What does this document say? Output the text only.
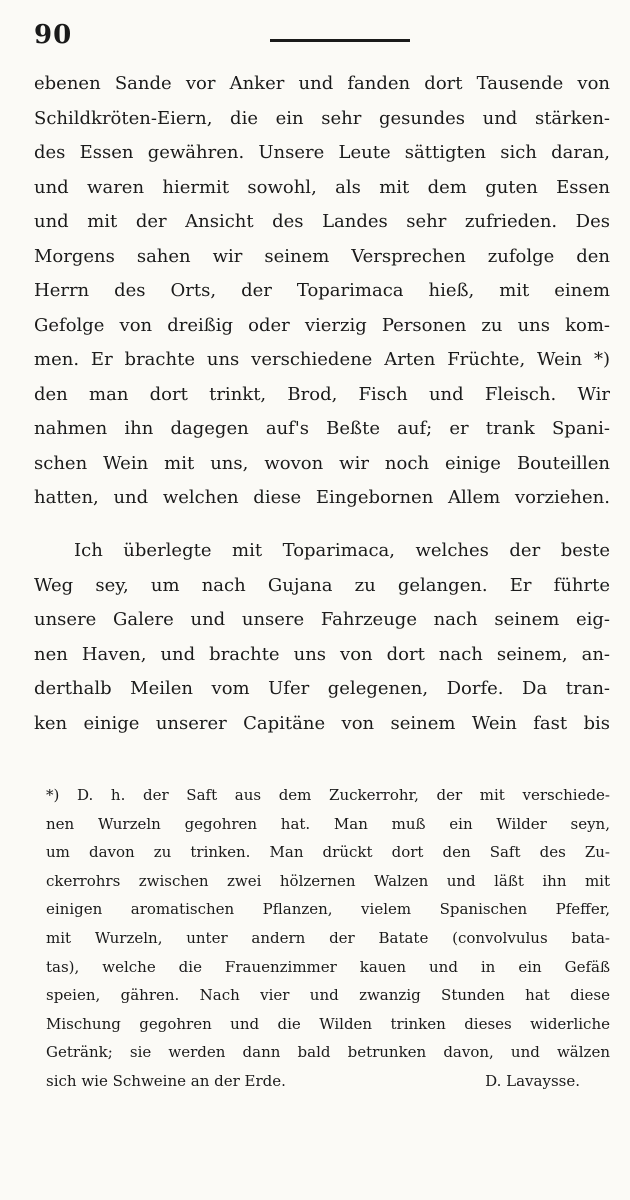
90
ebenen Sande vor Anker und fanden dort Tausende von
Schildkröten-Eiern, die ein sehr gesundes und stärken-
des Essen gewähren. Unsere Leute sättigten sich daran,
und waren hiermit sowohl, als mit dem guten Essen
und mit der Ansicht des Landes sehr zufrieden. Des
Morgens sahen wir seinem Versprechen zufolge den
Herrn des Orts, der Toparimaca hieß, mit einem
Gefolge von dreißig oder vierzig Personen zu uns kom-
men. Er brachte uns verschiedene Arten Früchte, Wein *)
den man dort trinkt, Brod, Fisch und Fleisch. Wir
nahmen ihn dagegen auf's Beßte auf; er trank Spani-
schen Wein mit uns, wovon wir noch einige Bouteillen
hatten, und welchen diese Eingebornen Allem vorziehen.
Ich überlegte mit Toparimaca, welches der beste
Weg sey, um nach Gujana zu gelangen. Er führte
unsere Galere und unsere Fahrzeuge nach seinem eig-
nen Haven, und brachte uns von dort nach seinem, an-
derthalb Meilen vom Ufer gelegenen, Dorfe. Da tran-
ken einige unserer Capitäne von seinem Wein fast bis
*) D. h. der Saft aus dem Zuckerrohr, der mit verschiede-
nen Wurzeln gegohren hat. Man muß ein Wilder seyn,
um davon zu trinken. Man drückt dort den Saft des Zu-
ckerrohrs zwischen zwei hölzernen Walzen und läßt ihn mit
einigen aromatischen Pflanzen, vielem Spanischen Pfeffer,
mit Wurzeln, unter andern der Batate (convolvulus bata-
tas), welche die Frauenzimmer kauen und in ein Gefäß
speien, gähren. Nach vier und zwanzig Stunden hat diese
Mischung gegohren und die Wilden trinken dieses widerliche
Getränk; sie werden dann bald betrunken davon, und wälzen
sich wie Schweine an der Erde.	D. Lavaysse.
